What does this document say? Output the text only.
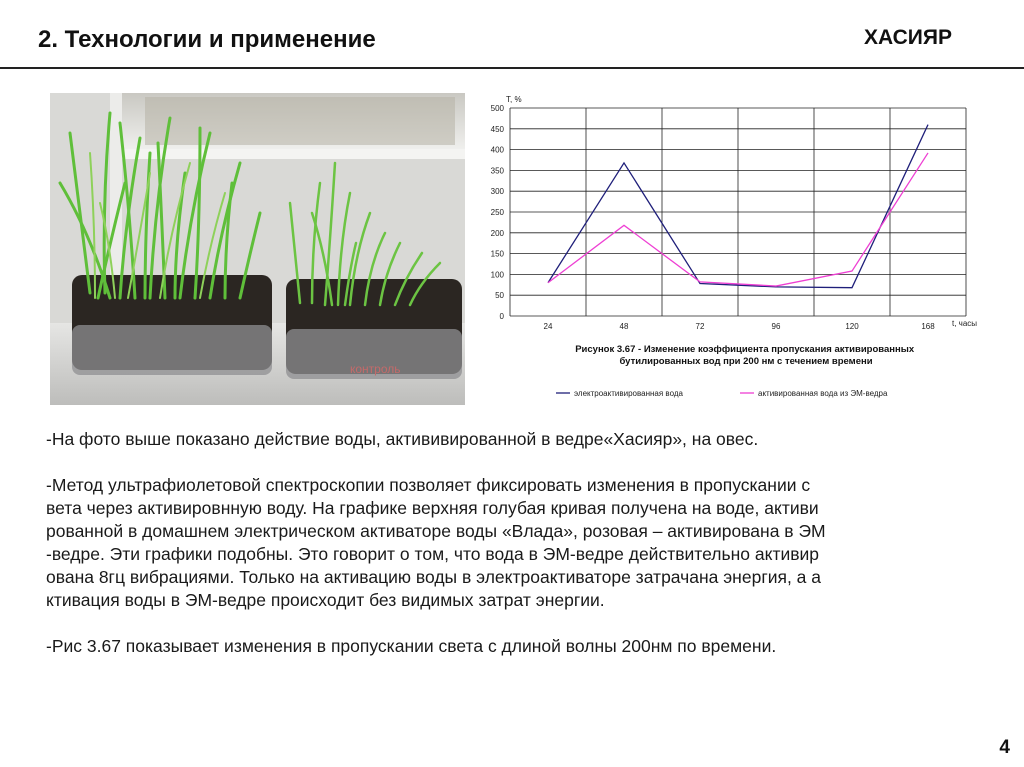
2. Технологии и применение	ХАСИЯР
контроль
0
50
100
150
200
250
300
350
400
450
500
24	48	72	96	120	168
T, %
t, часы
Рисунок 3.67 - Изменение коэффициента пропускания активированных бутилированных вод при 200 нм с течением времени
электроактивированная вода	активированная вода из ЭМ-ведра

-На фото выше показано действие воды, актививированной в ведре«Хасияр», на овес.

-Метод ультрафиолетовой спектроскопии позволяет фиксировать изменения в пропускании с
вета через активировнную воду. На графике верхняя голубая кривая получена на воде, активи
рованной в домашнем электрическом активаторе воды «Влада», розовая – активирована в ЭМ
-ведре. Эти графики подобны. Это говорит о том, что вода в ЭМ-ведре действительно активир
ована 8гц вибрациями. Только на активацию воды в электроактиваторе затрачана энергия, а а
ктивация воды в ЭМ-ведре происходит без видимых затрат энергии.

-Рис 3.67 показывает изменения в пропускании света с длиной волны 200нм по времени.

4
